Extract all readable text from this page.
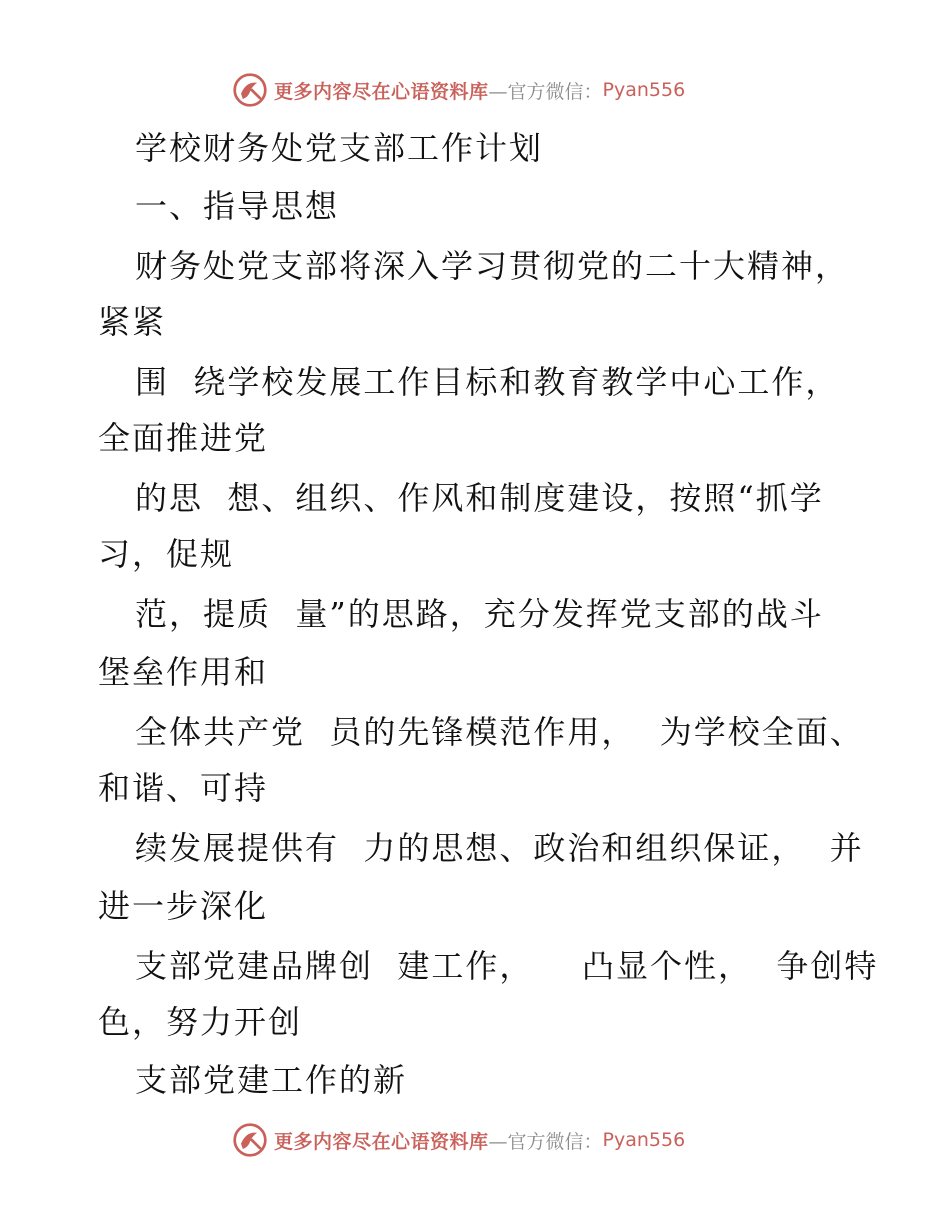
更多内容尽在心语资料库 —官方微信： Pyan556
学校财务处党支部工作计划
一、指导思想
财务处党支部将深入学习贯彻党的二十大精神，
紧紧
围  绕学校发展工作目标和教育教学中心工作，
全面推进党
的思  想、组织、作风和制度建设，按照“抓学
习，促规
范，提质  量”的思路，充分发挥党支部的战斗
堡垒作用和
全体共产党  员的先锋模范作用，  为学校全面、
和谐、可持
续发展提供有  力的思想、政治和组织保证，  并
进一步深化
支部党建品牌创  建工作，    凸显个性，  争创特
色，努力开创
支部党建工作的新
更多内容尽在心语资料库 —官方微信： Pyan556
